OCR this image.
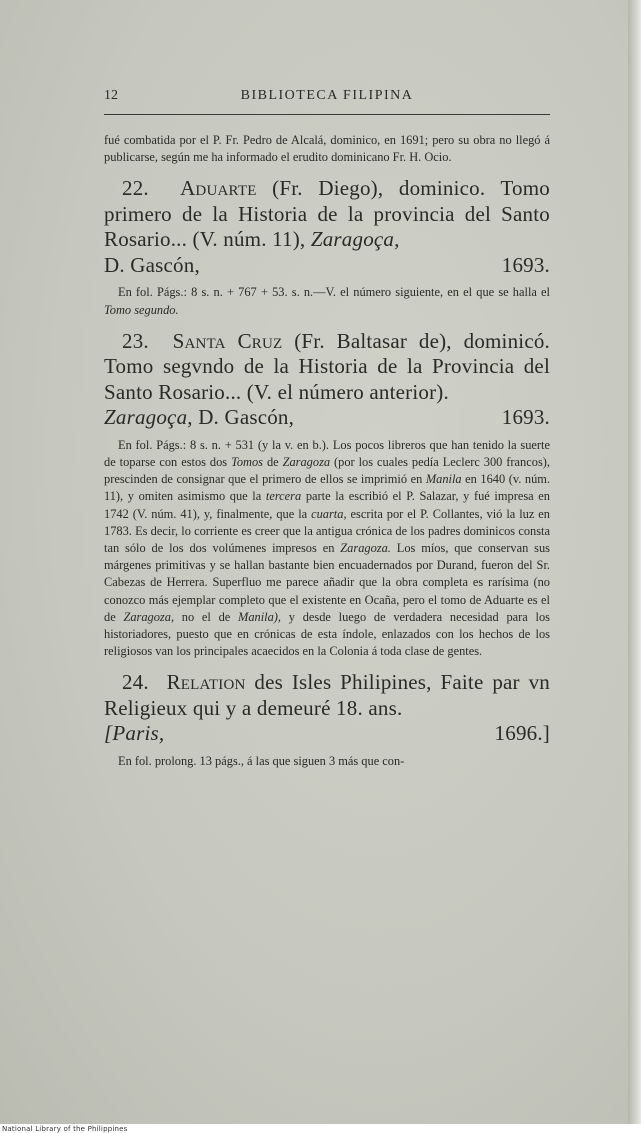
12	BIBLIOTECA FILIPINA

fué combatida por el P. Fr. Pedro de Alcalá, dominico, en 1691; pero su obra no llegó á publicarse, según me ha informado el erudito dominicano Fr. H. Ocio.

22. Aduarte (Fr. Diego), dominico. Tomo primero de la Historia de la provincia del Santo Rosario... (V. núm. 11), Zaragoça,

D. Gascón,	1693.

En fol. Págs.: 8 s. n. + 767 + 53. s. n.—V. el número siguiente, en el que se halla el Tomo segundo.

23. Santa Cruz (Fr. Baltasar de), dominicó. Tomo segvndo de la Historia de la Provincia del Santo Rosario... (V. el número anterior).

Zaragoça, D. Gascón,	1693.

En fol. Págs.: 8 s. n. + 531 (y la v. en b.). Los pocos libreros que han tenido la suerte de toparse con estos dos Tomos de Zaragoza (por los cuales pedía Leclerc 300 francos), prescinden de consignar que el primero de ellos se imprimió en Manila en 1640 (v. núm. 11), y omiten asimismo que la tercera parte la escribió el P. Salazar, y fué impresa en 1742 (V. núm. 41), y, finalmente, que la cuarta, escrita por el P. Collantes, vió la luz en 1783. Es decir, lo corriente es creer que la antigua crónica de los padres dominicos consta tan sólo de los dos volúmenes impresos en Zaragoza. Los míos, que conservan sus márgenes primitivas y se hallan bastante bien encuadernados por Durand, fueron del Sr. Cabezas de Herrera. Superfluo me parece añadir que la obra completa es rarísima (no conozco más ejemplar completo que el existente en Ocaña, pero el tomo de Aduarte es el de Zaragoza, no el de Manila), y desde luego de verdadera necesidad para los historiadores, puesto que en crónicas de esta índole, enlazados con los hechos de los religiosos van los principales acaecidos en la Colonia á toda clase de gentes.

24. Relation des Isles Philipines, Faite par vn Religieux qui y a demeuré 18. ans.

[Paris,	1696.]

En fol. prolong. 13 págs., á las que siguen 3 más que con-

National Library of the Philippines
